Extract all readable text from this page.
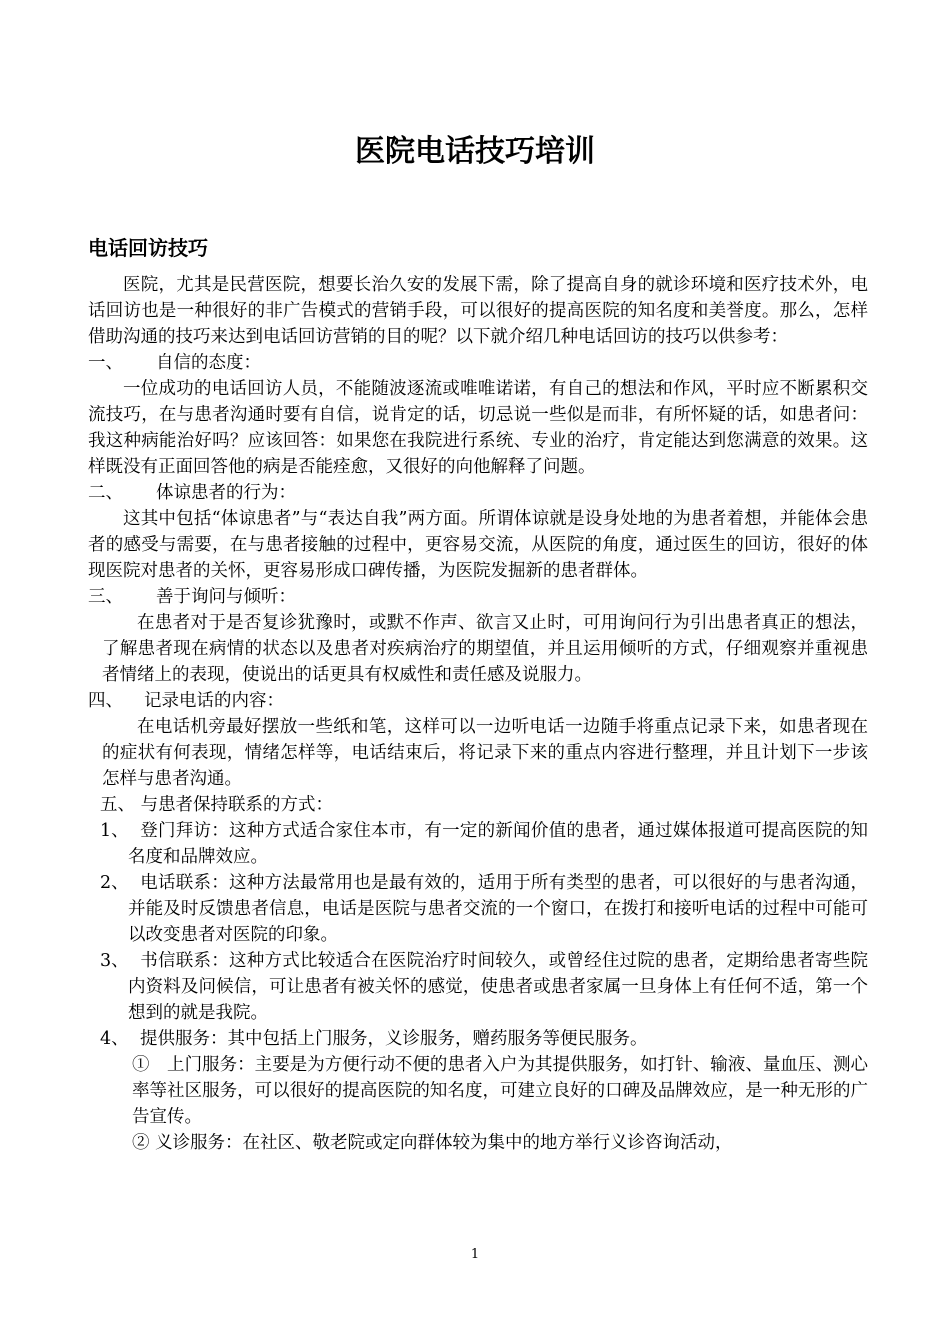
医院电话技巧培训
电话回访技巧

医院，尤其是民营医院，想要长治久安的发展下需，除了提高自身的就诊环境和医疗技术外，电话回访也是一种很好的非广告模式的营销手段，可以很好的提高医院的知名度和美誉度。那么，怎样借助沟通的技巧来达到电话回访营销的目的呢？以下就介绍几种电话回访的技巧以供参考：

一、 自信的态度：

一位成功的电话回访人员，不能随波逐流或唯唯诺诺，有自己的想法和作风，平时应不断累积交流技巧，在与患者沟通时要有自信，说肯定的话，切忌说一些似是而非，有所怀疑的话，如患者问：我这种病能治好吗？应该回答：如果您在我院进行系统、专业的治疗，肯定能达到您满意的效果。这样既没有正面回答他的病是否能痊愈，又很好的向他解释了问题。

二、 体谅患者的行为：

这其中包括“体谅患者”与“表达自我”两方面。所谓体谅就是设身处地的为患者着想，并能体会患者的感受与需要，在与患者接触的过程中，更容易交流，从医院的角度，通过医生的回访，很好的体现医院对患者的关怀，更容易形成口碑传播，为医院发掘新的患者群体。

三、 善于询问与倾听：

在患者对于是否复诊犹豫时，或默不作声、欲言又止时，可用询问行为引出患者真正的想法，了解患者现在病情的状态以及患者对疾病治疗的期望值，并且运用倾听的方式，仔细观察并重视患者情绪上的表现，使说出的话更具有权威性和责任感及说服力。

四、 记录电话的内容：

在电话机旁最好摆放一些纸和笔，这样可以一边听电话一边随手将重点记录下来，如患者现在的症状有何表现，情绪怎样等，电话结束后，将记录下来的重点内容进行整理，并且计划下一步该怎样与患者沟通。

五、 与患者保持联系的方式：

1、 登门拜访：这种方式适合家住本市，有一定的新闻价值的患者，通过媒体报道可提高医院的知名度和品牌效应。

2、 电话联系：这种方法最常用也是最有效的，适用于所有类型的患者，可以很好的与患者沟通，并能及时反馈患者信息，电话是医院与患者交流的一个窗口，在拨打和接听电话的过程中可能可以改变患者对医院的印象。

3、 书信联系：这种方式比较适合在医院治疗时间较久，或曾经住过院的患者，定期给患者寄些院内资料及问候信，可让患者有被关怀的感觉，使患者或患者家属一旦身体上有任何不适，第一个想到的就是我院。

4、 提供服务：其中包括上门服务，义诊服务，赠药服务等便民服务。

①　上门服务：主要是为方便行动不便的患者入户为其提供服务，如打针、输液、量血压、测心率等社区服务，可以很好的提高医院的知名度，可建立良好的口碑及品牌效应，是一种无形的广告宣传。

② 义诊服务：在社区、敬老院或定向群体较为集中的地方举行义诊咨询活动，

1
